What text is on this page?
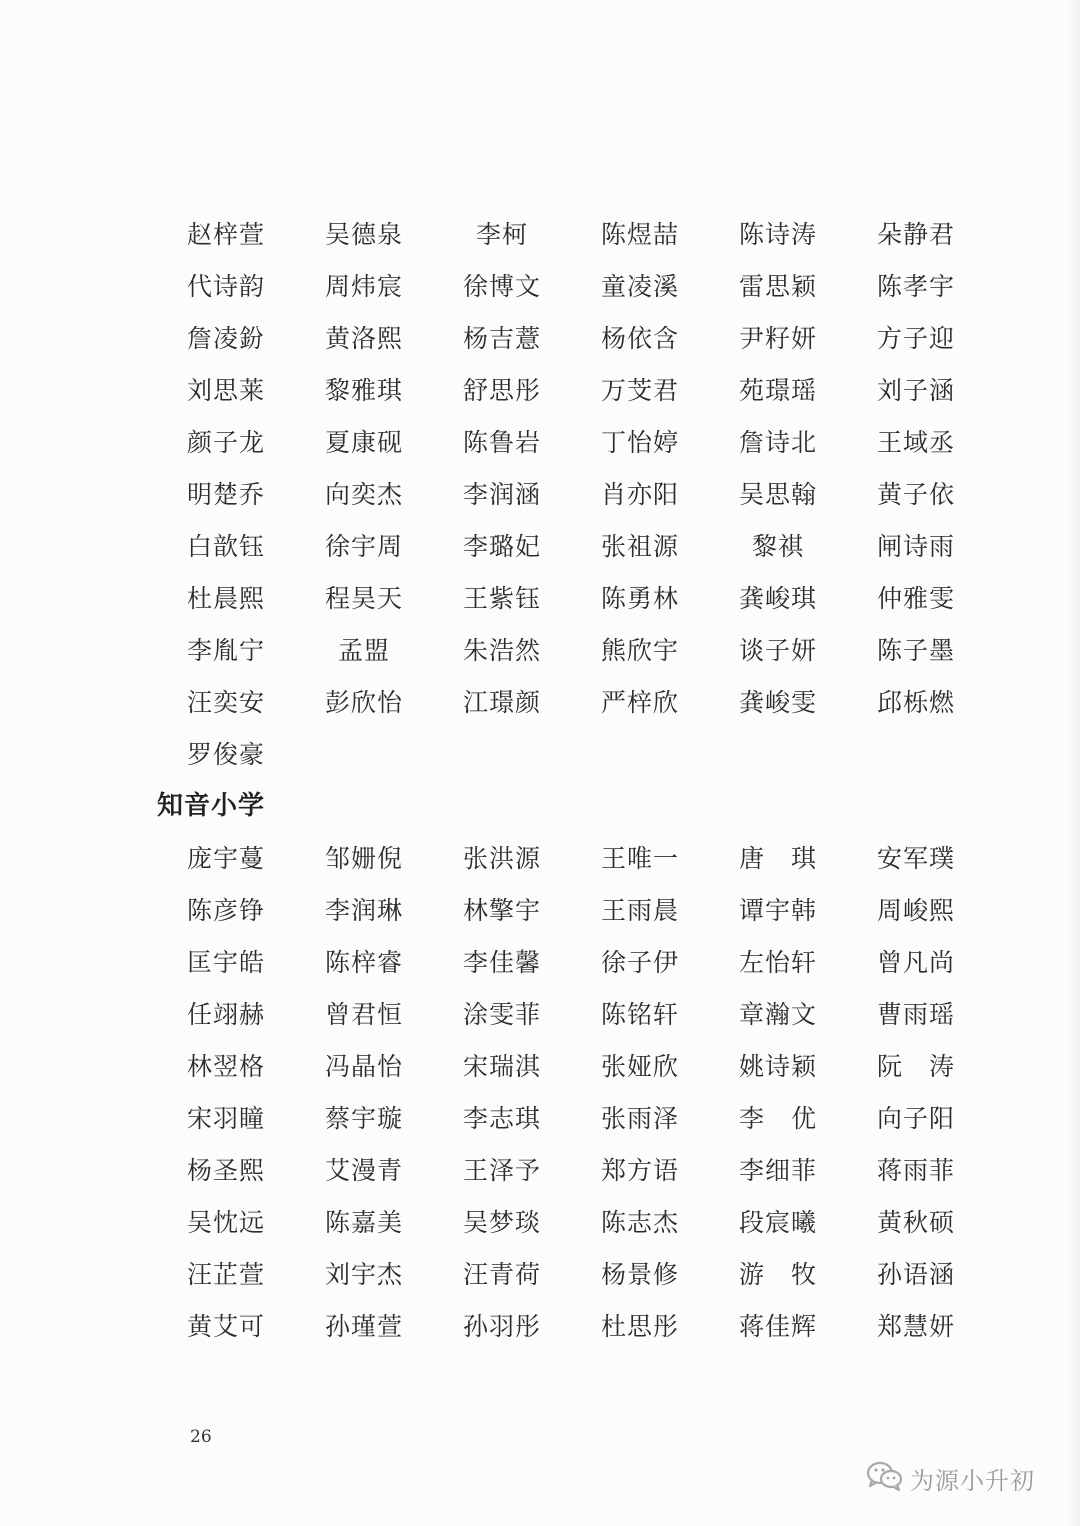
赵梓萱	吴德泉	李柯	陈煜喆	陈诗涛	朵静君
代诗韵	周炜宸	徐博文	童凌溪	雷思颖	陈孝宇
詹凌鈖	黄洛熙	杨吉薏	杨依含	尹籽妍	方子迎
刘思莱	黎雅琪	舒思彤	万芠君	苑璟瑶	刘子涵
颜子龙	夏康砚	陈鲁岩	丁怡婷	詹诗北	王域丞
明楚乔	向奕杰	李润涵	肖亦阳	吴思翰	黄子依
白歆钰	徐宇周	李璐妃	张祖源	黎祺	闸诗雨
杜晨熙	程昊天	王紫钰	陈勇林	龚峻琪	仲雅雯
李胤宁	孟盟	朱浩然	熊欣宇	谈子妍	陈子墨
汪奕安	彭欣怡	江璟颜	严梓欣	龚峻雯	邱栎燃
罗俊豪
知音小学
庞宇蔓	邹姗倪	张洪源	王唯一	唐　琪	安军璞
陈彦铮	李润琳	林擎宇	王雨晨	谭宇韩	周峻熙
匡宇皓	陈梓睿	李佳馨	徐子伊	左怡轩	曾凡尚
任翊赫	曾君恒	涂雯菲	陈铭轩	章瀚文	曹雨瑶
林翌格	冯晶怡	宋瑞淇	张娅欣	姚诗颖	阮　涛
宋羽瞳	蔡宇璇	李志琪	张雨泽	李　优	向子阳
杨圣熙	艾漫青	王泽予	郑方语	李细菲	蒋雨菲
吴忱远	陈嘉美	吴梦琰	陈志杰	段宸曦	黄秋硕
汪芷萱	刘宇杰	汪青荷	杨景修	游　牧	孙语涵
黄艾可	孙瑾萱	孙羽彤	杜思彤	蒋佳辉	郑慧妍
26
为源小升初
